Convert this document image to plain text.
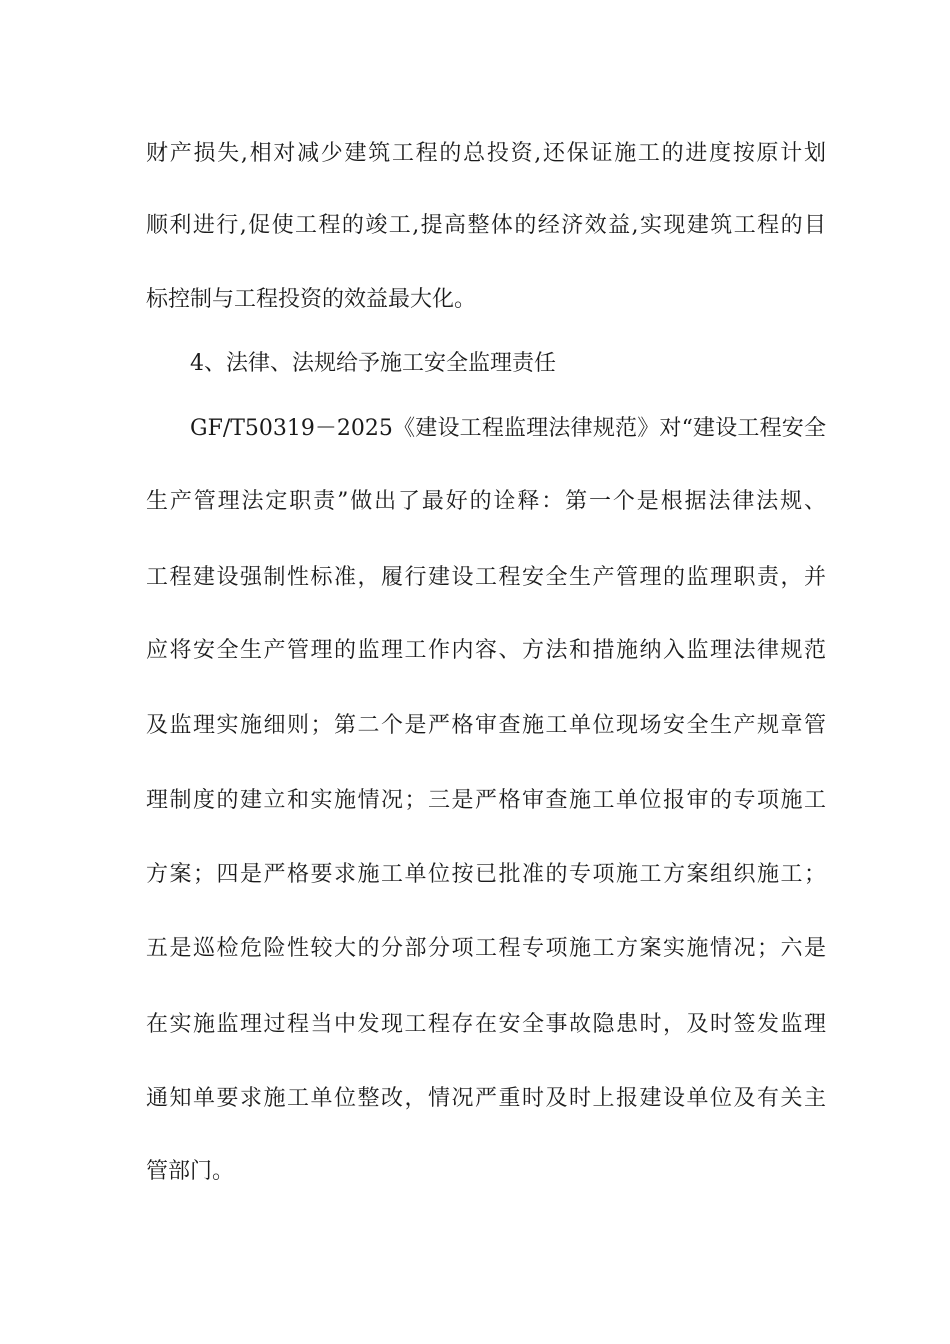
财产损失,相对减少建筑工程的总投资,还保证施工的进度按原计划
顺利进行,促使工程的竣工,提高整体的经济效益,实现建筑工程的目
标控制与工程投资的效益最大化。
4、法律、法规给予施工安全监理责任
GF/T50319－2025《建设工程监理法律规范》对“建设工程安全
生产管理法定职责”做出了最好的诠释：第一个是根据法律法规、
工程建设强制性标准，履行建设工程安全生产管理的监理职责，并
应将安全生产管理的监理工作内容、方法和措施纳入监理法律规范
及监理实施细则；第二个是严格审查施工单位现场安全生产规章管
理制度的建立和实施情况；三是严格审查施工单位报审的专项施工
方案；四是严格要求施工单位按已批准的专项施工方案组织施工；
五是巡检危险性较大的分部分项工程专项施工方案实施情况；六是
在实施监理过程当中发现工程存在安全事故隐患时，及时签发监理
通知单要求施工单位整改，情况严重时及时上报建设单位及有关主
管部门。
